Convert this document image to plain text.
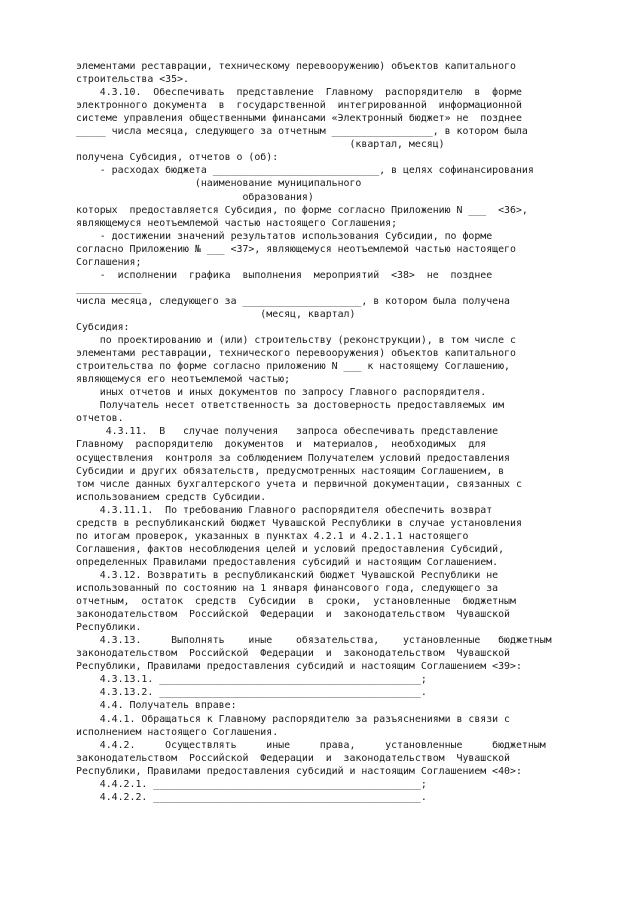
элементами реставрации, техническому перевооружению) объектов капитального
строительства <35>.
4.3.10.  Обеспечивать  представление  Главному  распорядителю  в  форме
электронного документа  в  государственной  интегрированной  информационной
системе управления общественными финансами «Электронный бюджет» не  позднее
_____ числа месяца, следующего за отчетным _________________, в котором была
(квартал, месяц)
получена Субсидия, отчетов о (об):
- расходах бюджета ____________________________, в целях софинансирования
(наименование муниципального
образования)
которых  предоставляется Субсидия, по форме согласно Приложению N ___  <36>,
являющемуся неотъемлемой частью настоящего Соглашения;
- достижении значений результатов использования Субсидии, по форме
согласно Приложению № ___ <37>, являющемуся неотъемлемой частью настоящего
Соглашения;
-  исполнении  графика  выполнения  мероприятий  <38>  не  позднее
___________
числа месяца, следующего за ____________________, в котором была получена
(месяц, квартал)
Субсидия:
по проектированию и (или) строительству (реконструкции), в том числе с
элементами реставрации, технического перевооружения) объектов капитального
строительства по форме согласно приложению N ___ к настоящему Соглашению,
являющемуся его неотъемлемой частью;
иных отчетов и иных документов по запросу Главного распорядителя.
Получатель несет ответственность за достоверность предоставляемых им
отчетов.
4.3.11.  В   случае получения   запроса обеспечивать представление
Главному  распорядителю  документов  и  материалов,  необходимых  для
осуществления  контроля за соблюдением Получателем условий предоставления
Субсидии и других обязательств, предусмотренных настоящим Соглашением, в
том числе данных бухгалтерского учета и первичной документации, связанных с
использованием средств Субсидии.
4.3.11.1.  По требованию Главного распорядителя обеспечить возврат
средств в республиканский бюджет Чувашской Республики в случае установления
по итогам проверок, указанных в пунктах 4.2.1 и 4.2.1.1 настоящего
Соглашения, фактов несоблюдения целей и условий предоставления Субсидий,
определенных Правилами предоставления субсидий и настоящим Соглашением.
4.3.12. Возвратить в республиканский бюджет Чувашской Республики не
использованный по состоянию на 1 января финансового года, следующего за
отчетным,  остаток  средств  Субсидии  в  сроки,  установленные  бюджетным
законодательством  Российской  Федерации  и  законодательством  Чувашской
Республики.
4.3.13.     Выполнять    иные    обязательства,    установленные   бюджетным
законодательством  Российской  Федерации  и  законодательством  Чувашской
Республики, Правилами предоставления субсидий и настоящим Соглашением <39>:
4.3.13.1. ____________________________________________;
4.3.13.2. ____________________________________________.
4.4. Получатель вправе:
4.4.1. Обращаться к Главному распорядителю за разъяснениями в связи с
исполнением настоящего Соглашения.
4.4.2.     Осуществлять     иные     права,     установленные     бюджетным
законодательством  Российской  Федерации  и  законодательством  Чувашской
Республики, Правилами предоставления субсидий и настоящим Соглашением <40>:
4.4.2.1. _____________________________________________;
4.4.2.2. _____________________________________________.
